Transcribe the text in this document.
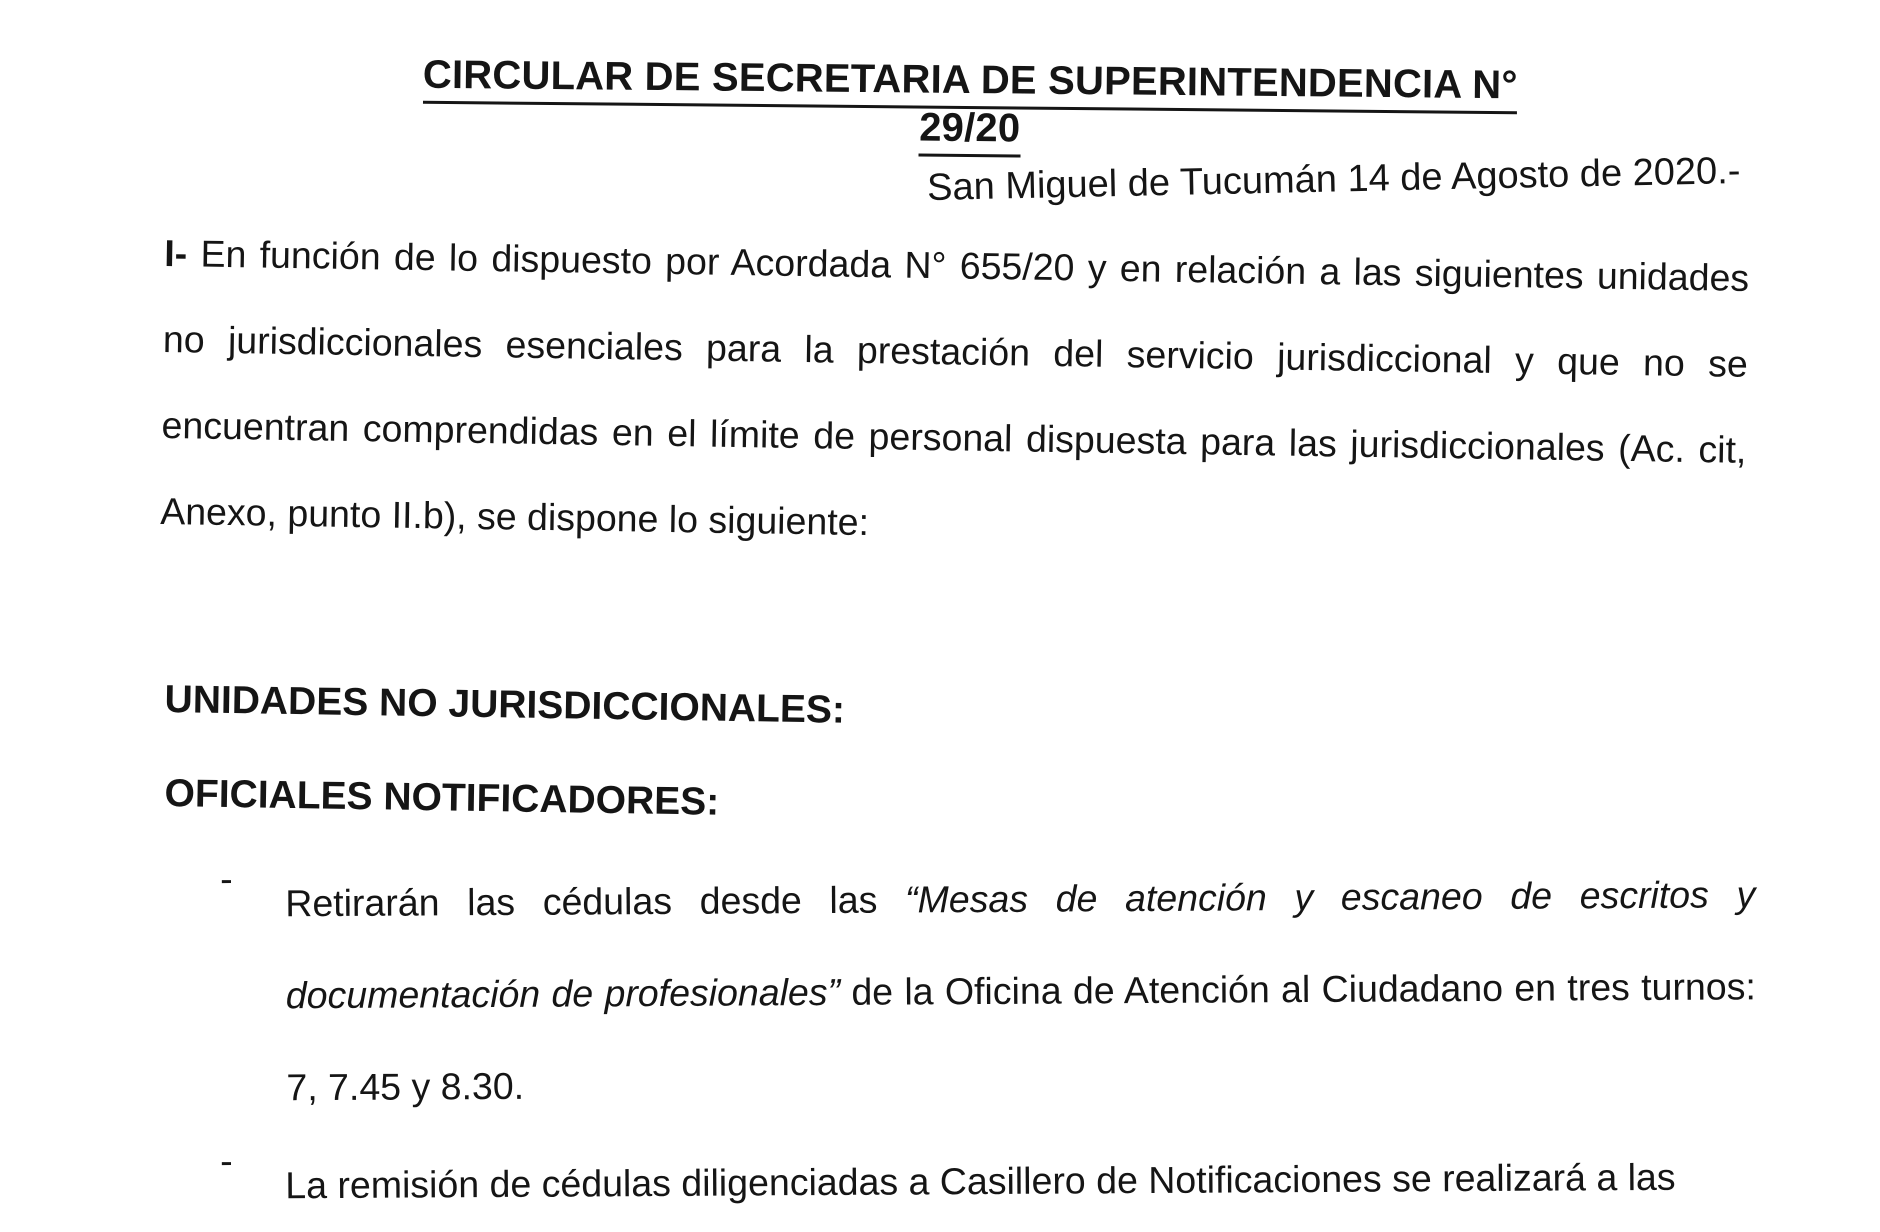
CIRCULAR DE SECRETARIA DE SUPERINTENDENCIA N° 29/20
San Miguel de Tucumán 14 de Agosto de 2020.-
I- En función de lo dispuesto por Acordada N° 655/20 y en relación a las siguientes unidades no jurisdiccionales esenciales para la prestación del servicio jurisdiccional y que no se encuentran comprendidas en el límite de personal dispuesta para las jurisdiccionales (Ac. cit, Anexo, punto II.b), se dispone lo siguiente:
UNIDADES NO JURISDICCIONALES:
OFICIALES NOTIFICADORES:
- Retirarán las cédulas desde las “Mesas de atención y escaneo de escritos y documentación de profesionales” de la Oficina de Atención al Ciudadano en tres turnos: 7, 7.45 y 8.30.
- La remisión de cédulas diligenciadas a Casillero de Notificaciones se realizará a las
